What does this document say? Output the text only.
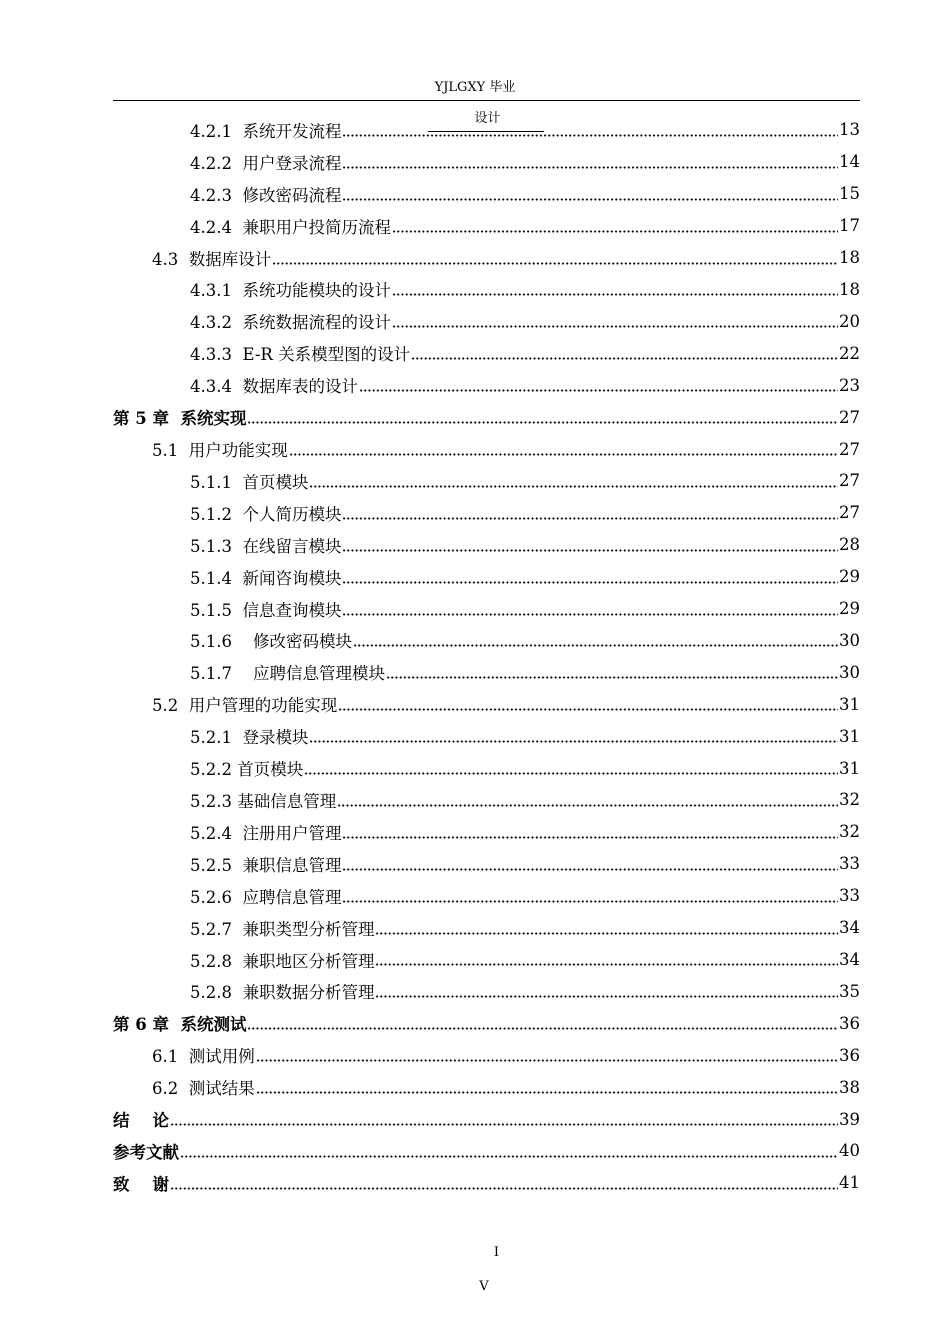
YJLGXY 毕业
设计
4.2.1  系统开发流程	13
4.2.2  用户登录流程	14
4.2.3  修改密码流程	15
4.2.4  兼职用户投简历流程	17
4.3  数据库设计	18
4.3.1  系统功能模块的设计	18
4.3.2  系统数据流程的设计	20
4.3.3  E-R 关系模型图的设计	22
4.3.4  数据库表的设计	23
第 5 章  系统实现	27
5.1  用户功能实现	27
5.1.1  首页模块	27
5.1.2  个人简历模块	27
5.1.3  在线留言模块	28
5.1.4  新闻咨询模块	29
5.1.5  信息查询模块	29
5.1.6    修改密码模块	30
5.1.7    应聘信息管理模块	30
5.2  用户管理的功能实现	31
5.2.1  登录模块	31
5.2.2 首页模块	31
5.2.3 基础信息管理	32
5.2.4  注册用户管理	32
5.2.5  兼职信息管理	33
5.2.6  应聘信息管理	33
5.2.7  兼职类型分析管理	34
5.2.8  兼职地区分析管理	34
5.2.8  兼职数据分析管理	35
第 6 章  系统测试	36
6.1  测试用例	36
6.2  测试结果	38
结    论	39
参考文献	40
致    谢	41
I
V
